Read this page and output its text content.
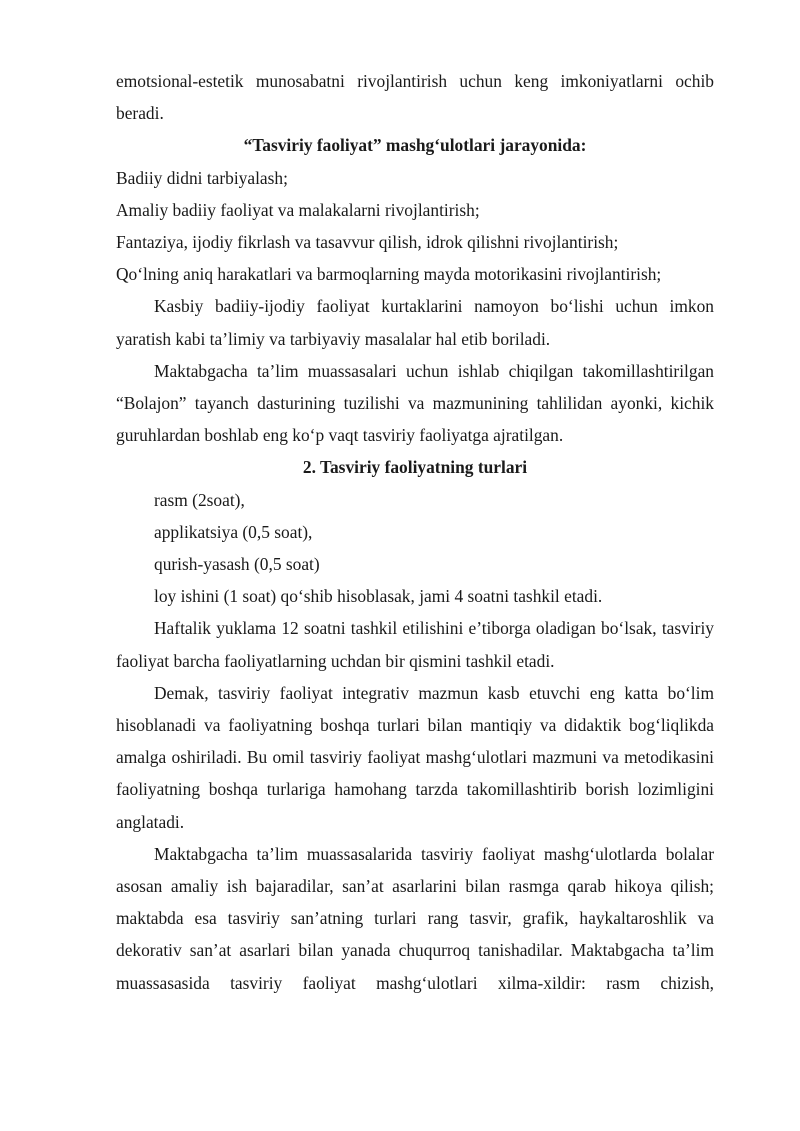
emotsional-estetik munosabatni rivojlantirish uchun keng imkoniyatlarni ochib beradi.

“Tasviriy faoliyat” mashg‘ulotlari jarayonida:

Badiiy didni tarbiyalash;

Amaliy badiiy faoliyat va malakalarni rivojlantirish;

Fantaziya, ijodiy fikrlash va tasavvur qilish, idrok qilishni rivojlantirish;

Qo‘lning aniq harakatlari va barmoqlarning mayda motorikasini rivojlantirish;

Kasbiy badiiy-ijodiy faoliyat kurtaklarini namoyon bo‘lishi uchun imkon yaratish kabi ta’limiy va tarbiyaviy masalalar hal etib boriladi.

Maktabgacha ta’lim muassasalari uchun ishlab chiqilgan takomillashtirilgan “Bolajon” tayanch dasturining tuzilishi va mazmunining tahlilidan ayonki, kichik guruhlardan boshlab eng ko‘p vaqt tasviriy faoliyatga ajratilgan.

2. Tasviriy faoliyatning turlari

rasm (2soat),

applikatsiya (0,5 soat),

qurish-yasash (0,5 soat)

loy ishini (1 soat) qo‘shib hisoblasak, jami 4 soatni tashkil etadi.

Haftalik yuklama 12 soatni tashkil etilishini e’tiborga oladigan bo‘lsak, tasviriy faoliyat barcha faoliyatlarning uchdan bir qismini tashkil etadi.

Demak, tasviriy faoliyat integrativ mazmun kasb etuvchi eng katta bo‘lim hisoblanadi va faoliyatning boshqa turlari bilan mantiqiy va didaktik bog‘liqlikda amalga oshiriladi. Bu omil tasviriy faoliyat mashg‘ulotlari mazmuni va metodikasini faoliyatning boshqa turlariga hamohang tarzda takomillashtirib borish lozimligini anglatadi.

Maktabgacha ta’lim muassasalarida tasviriy faoliyat mashg‘ulotlarda bolalar asosan amaliy ish bajaradilar, san’at asarlarini bilan rasmga qarab hikoya qilish; maktabda esa tasviriy san’atning turlari rang tasvir, grafik, haykaltaroshlik va dekorativ san’at asarlari bilan yanada chuqurroq tanishadilar. Maktabgacha ta’lim muassasasida tasviriy faoliyat mashg‘ulotlari xilma-xildir: rasm chizish,
